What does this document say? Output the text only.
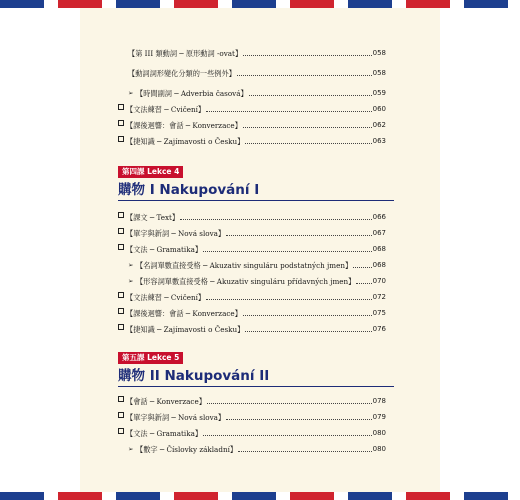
【第 III 類動詞 ─ 原形動詞 -ovat】	058
【動詞詞形變化分類的一些例外】	058
➢ 【時間副詞 ─ Adverbia časová】	059
【文法練習 ─ Cvičení】	060
【課後迴響：會話 ─ Konverzace】	062
【捷知識 ─ Zajímavosti o Česku】	063
第四課 Lekce 4
購物 I Nakupování I
【課文 ─ Text】	066
【單字與新詞 ─ Nová slova】	067
【文法 ─ Gramatika】	068
➢ 【名詞單數直接受格 ─ Akuzativ singuláru podstatných jmen】	068
➢ 【形容詞單數直接受格 ─ Akuzativ singuláru přídavných jmen】 070
【文法練習 ─ Cvičení】	072
【課後迴響：會話 ─ Konverzace】	075
【捷知識 ─ Zajímavosti o Česku】	076
第五課 Lekce 5
購物 II Nakupování II
【會話 ─ Konverzace】	078
【單字與新詞 ─ Nová slova】	079
【文法 ─ Gramatika】	080
➢ 【數字 ─ Číslovky základní】	080
